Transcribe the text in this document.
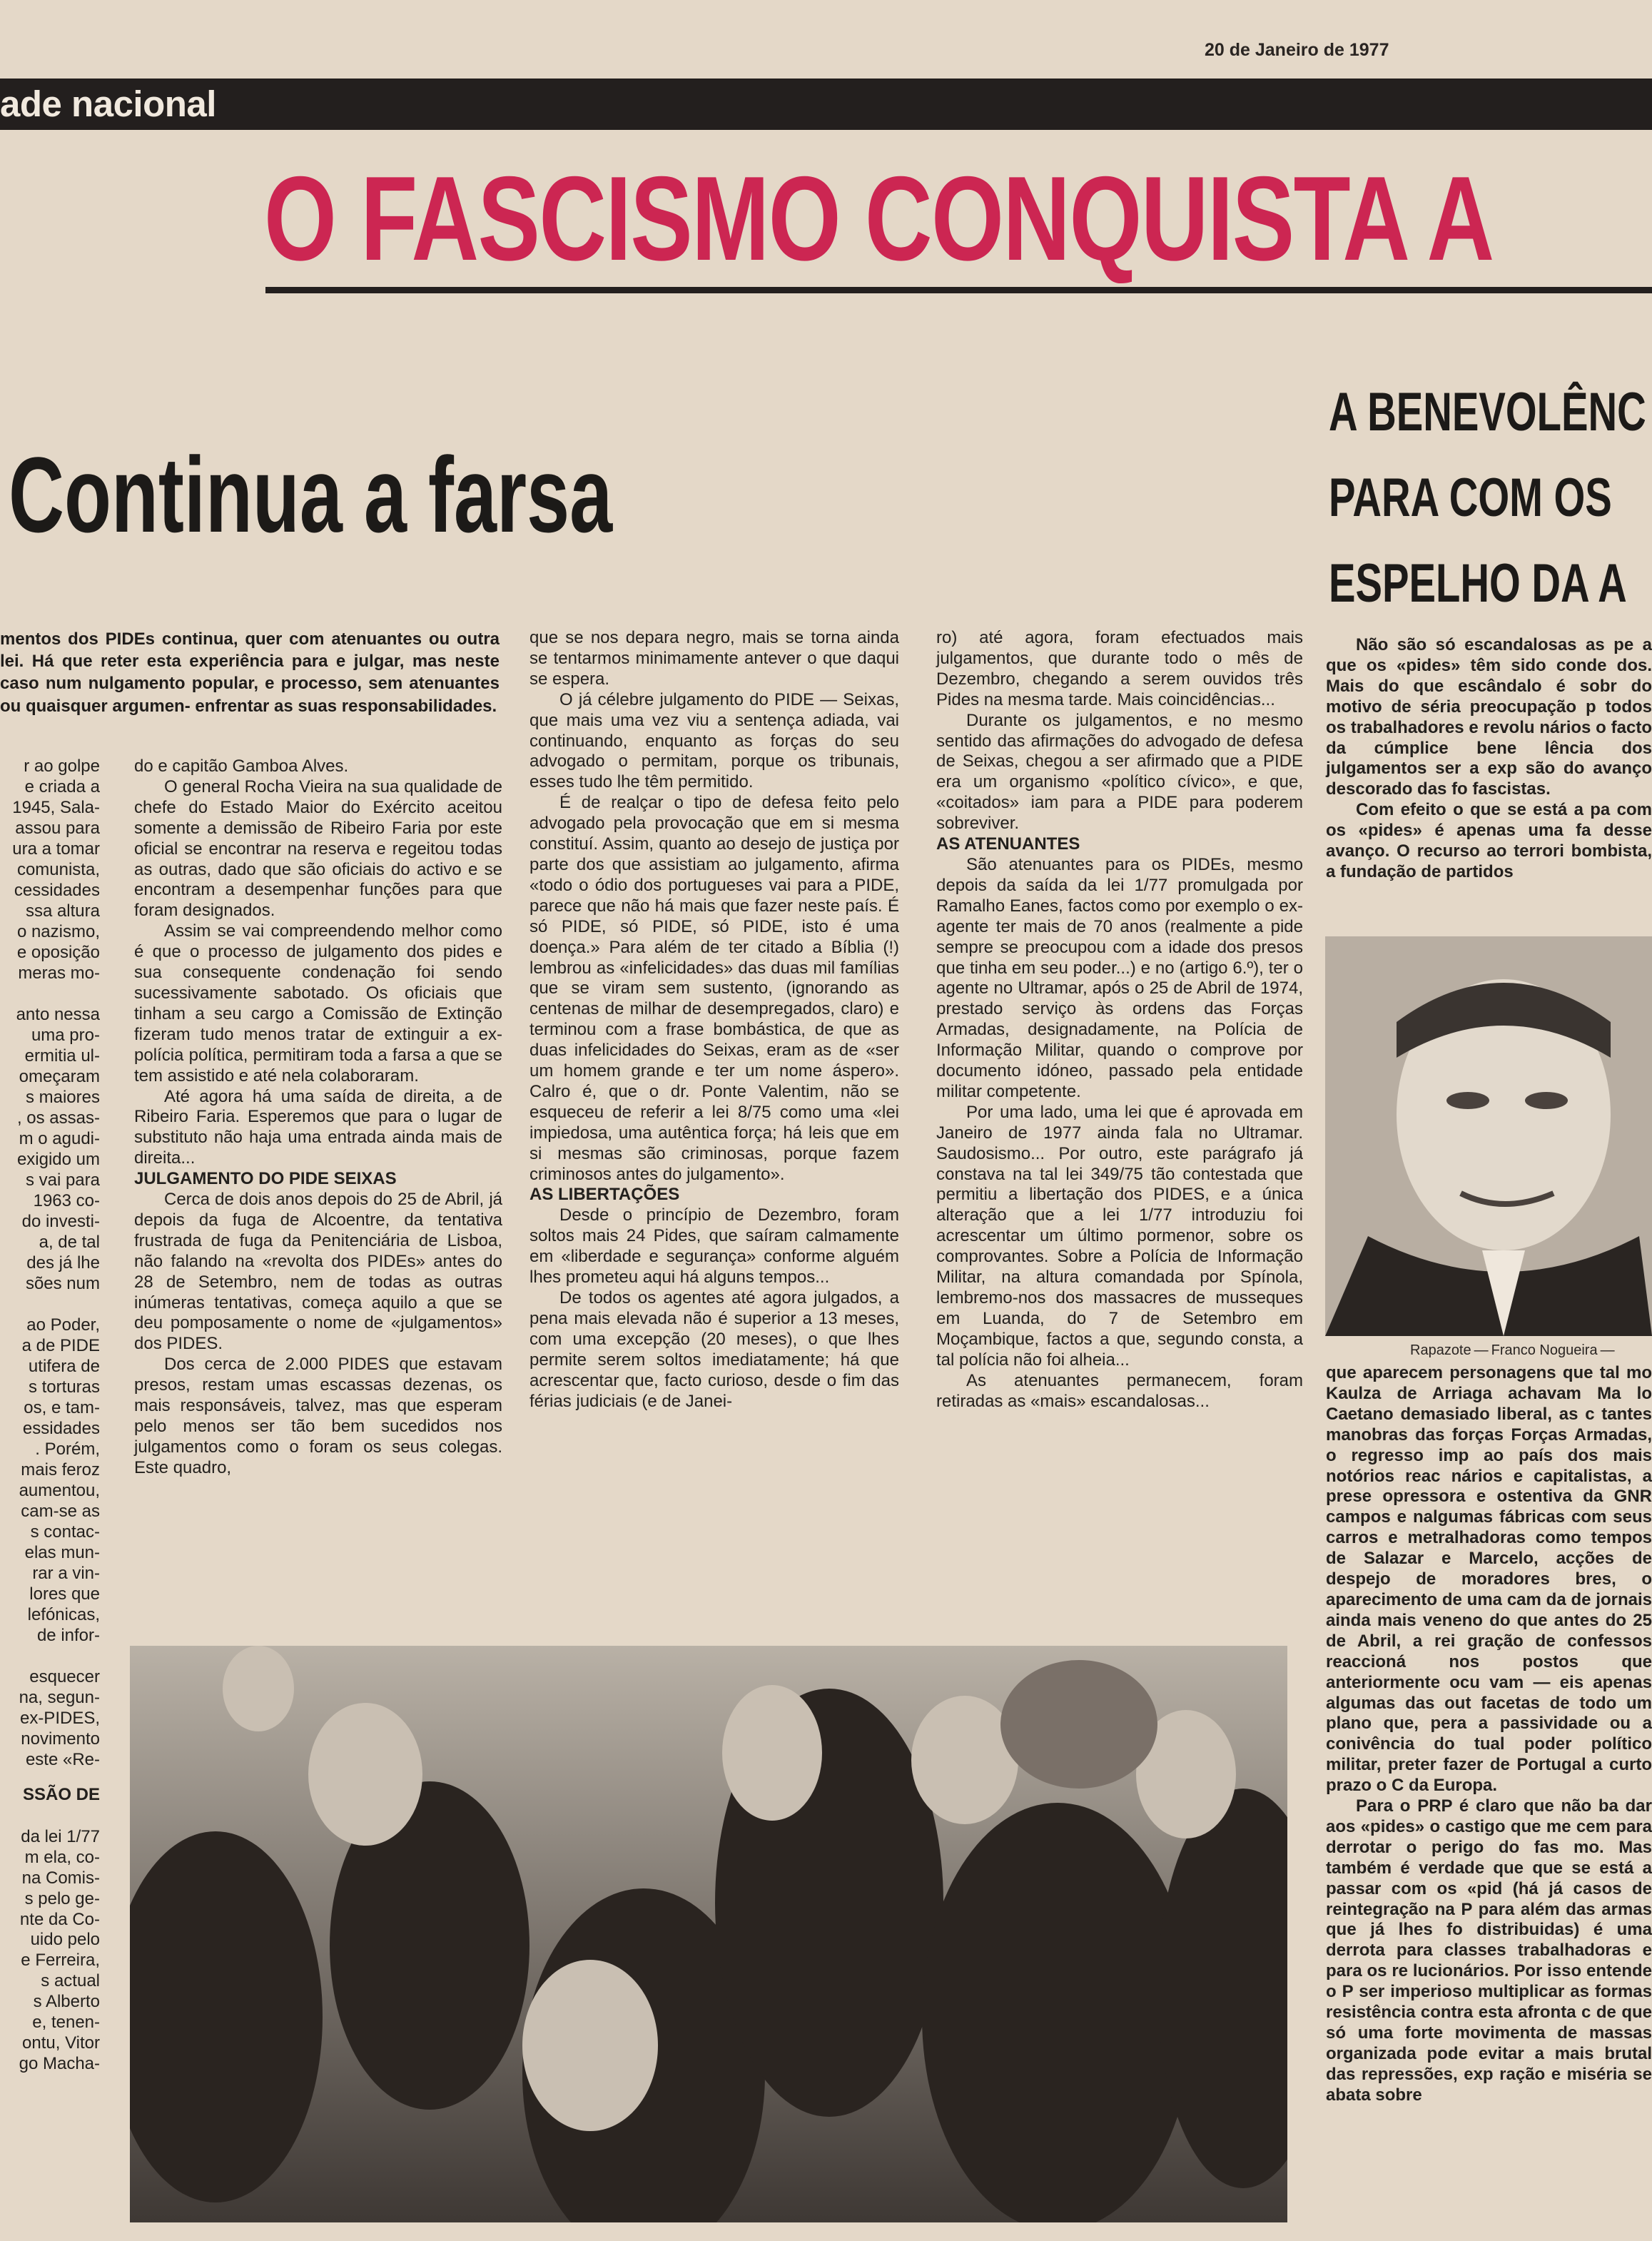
20 de Janeiro de 1977
ade nacional
O FASCISMO CONQUISTA A
Continua a farsa
mentos dos PIDEs continua, quer com atenuantes ou outra lei. Há que reter esta experiência para e julgar, mas neste caso num nulgamento popular, e processo, sem atenuantes ou quaisquer argumen- enfrentar as suas responsabilidades.
r ao golpe
e criada a
1945, Sala-
assou para
ura a tomar
comunista,
cessidades
ssa altura
o nazismo,
e oposição
meras mo-
anto nessa
uma pro-
ermitia ul-
omeçaram
s maiores
, os assas-
m o agudi-
exigido um
s vai para
1963 co-
do investi-
a, de tal
des já lhe
sões num
ao Poder,
a de PIDE
utifera de
s torturas
os, e tam-
essidades
. Porém,
mais feroz
aumentou,
cam-se as
s contac-
elas mun-
rar a vin-
lores que
lefónicas,
de infor-
esquecer
na, segun-
ex-PIDES,
novimento
este «Re-
SSÃO DE
da lei 1/77
m ela, co-
na Comis-
s pelo ge-
nte da Co-
uido pelo
e Ferreira,
s actual
s Alberto
e, tenen-
ontu, Vitor
go Macha-

do e capitão Gamboa Alves.

O general Rocha Vieira na sua qualidade de chefe do Estado Maior do Exército aceitou somente a demissão de Ribeiro Faria por este oficial se encontrar na reserva e regeitou todas as outras, dado que são oficiais do activo e se encontram a desempenhar funções para que foram designados.

Assim se vai compreendendo melhor como é que o processo de julgamento dos pides e sua consequente condenação foi sendo sucessivamente sabotado. Os oficiais que tinham a seu cargo a Comissão de Extinção fizeram tudo menos tratar de extinguir a ex-polícia política, permitiram toda a farsa a que se tem assistido e até nela colaboraram.

Até agora há uma saída de direita, a de Ribeiro Faria. Esperemos que para o lugar de substituto não haja uma entrada ainda mais de direita...

JULGAMENTO DO PIDE SEIXAS

Cerca de dois anos depois do 25 de Abril, já depois da fuga de Alcoentre, da tentativa frustrada de fuga da Penitenciária de Lisboa, não falando na «revolta dos PIDEs» antes do 28 de Setembro, nem de todas as outras inúmeras tentativas, começa aquilo a que se deu pomposamente o nome de «julgamentos» dos PIDES.

Dos cerca de 2.000 PIDES que estavam presos, restam umas escassas dezenas, os mais responsáveis, talvez, mas que esperam pelo menos ser tão bem sucedidos nos julgamentos como o foram os seus colegas. Este quadro,

que se nos depara negro, mais se torna ainda se tentarmos minimamente antever o que daqui se espera.

O já célebre julgamento do PIDE — Seixas, que mais uma vez viu a sentença adiada, vai continuando, enquanto as forças do seu advogado o permitam, porque os tribunais, esses tudo lhe têm permitido.

É de realçar o tipo de defesa feito pelo advogado pela provocação que em si mesma constituí. Assim, quanto ao desejo de justiça por parte dos que assistiam ao julgamento, afirma «todo o ódio dos portugueses vai para a PIDE, parece que não há mais que fazer neste país. É só PIDE, só PIDE, só PIDE, isto é uma doença.» Para além de ter citado a Bíblia (!) lembrou as «infelicidades» das duas mil famílias que se viram sem sustento, (ignorando as centenas de milhar de desempregados, claro) e terminou com a frase bombástica, de que as duas infelicidades do Seixas, eram as de «ser um homem grande e ter um nome áspero». Calro é, que o dr. Ponte Valentim, não se esqueceu de referir a lei 8/75 como uma «lei impiedosa, uma autêntica força; há leis que em si mesmas são criminosas, porque fazem criminosos antes do julgamento».

AS LIBERTAÇÕES

Desde o princípio de Dezembro, foram soltos mais 24 Pides, que saíram calmamente em «liberdade e segurança» conforme alguém lhes prometeu aqui há alguns tempos...

De todos os agentes até agora julgados, a pena mais elevada não é superior a 13 meses, com uma excepção (20 meses), o que lhes permite serem soltos imediatamente; há que acrescentar que, facto curioso, desde o fim das férias judiciais (e de Janei-

ro) até agora, foram efectuados mais julgamentos, que durante todo o mês de Dezembro, chegando a serem ouvidos três Pides na mesma tarde. Mais coincidências...

Durante os julgamentos, e no mesmo sentido das afirmações do advogado de defesa de Seixas, chegou a ser afirmado que a PIDE era um organismo «político cívico», e que, «coitados» iam para a PIDE para poderem sobreviver.

AS ATENUANTES

São atenuantes para os PIDEs, mesmo depois da saída da lei 1/77 promulgada por Ramalho Eanes, factos como por exemplo o ex-agente ter mais de 70 anos (realmente a pide sempre se preocupou com a idade dos presos que tinha em seu poder...) e no (artigo 6.º), ter o agente no Ultramar, após o 25 de Abril de 1974, prestado serviço às ordens das Forças Armadas, designadamente, na Polícia de Informação Militar, quando o comprove por documento idóneo, passado pela entidade militar competente.

Por uma lado, uma lei que é aprovada em Janeiro de 1977 ainda fala no Ultramar. Saudosismo... Por outro, este parágrafo já constava na tal lei 349/75 tão contestada que permitiu a libertação dos PIDES, e a única alteração que a lei 1/77 introduziu foi acrescentar um último pormenor, sobre os comprovantes. Sobre a Polícia de Informação Militar, na altura comandada por Spínola, lembremo-nos dos massacres de musseques em Luanda, do 7 de Setembro em Moçambique, factos a que, segundo consta, a tal polícia não foi alheia...

As atenuantes permanecem, foram retiradas as «mais» escandalosas...

A BENEVOLÊNC
PARA COM OS
ESPELHO DA A

Não são só escandalosas as pe a que os «pides» têm sido conde dos. Mais do que escândalo é sobr do motivo de séria preocupação p todos os trabalhadores e revolu nários o facto da cúmplice bene lência dos julgamentos ser a exp são do avanço descorado das fo fascistas.

Com efeito o que se está a pa com os «pides» é apenas uma fa desse avanço. O recurso ao terrori bombista, a fundação de partidos

Rapazote — Franco Nogueira —

que aparecem personagens que tal mo Kaulza de Arriaga achavam Ma lo Caetano demasiado liberal, as c tantes manobras das forças Forças Armadas, o regresso imp ao país dos mais notórios reac nários e capitalistas, a prese opressora e ostentiva da GNR campos e nalgumas fábricas com seus carros e metralhadoras como tempos de Salazar e Marcelo, acções de despejo de moradores bres, o aparecimento de uma cam da de jornais ainda mais veneno do que antes do 25 de Abril, a rei gração de confessos reaccioná nos postos que anteriormente ocu vam — eis apenas algumas das out facetas de todo um plano que, pera a passividade ou a conivência do tual poder político militar, preter fazer de Portugal a curto prazo o C da Europa.

Para o PRP é claro que não ba dar aos «pides» o castigo que me cem para derrotar o perigo do fas mo. Mas também é verdade que que se está a passar com os «pid (há já casos de reintegração na P para além das armas que já lhes fo distribuidas) é uma derrota para classes trabalhadoras e para os re lucionários. Por isso entende o P ser imperioso multiplicar as formas resistência contra esta afronta c de que só uma forte movimenta de massas organizada pode evitar a mais brutal das repressões, exp ração e miséria se abata sobre
